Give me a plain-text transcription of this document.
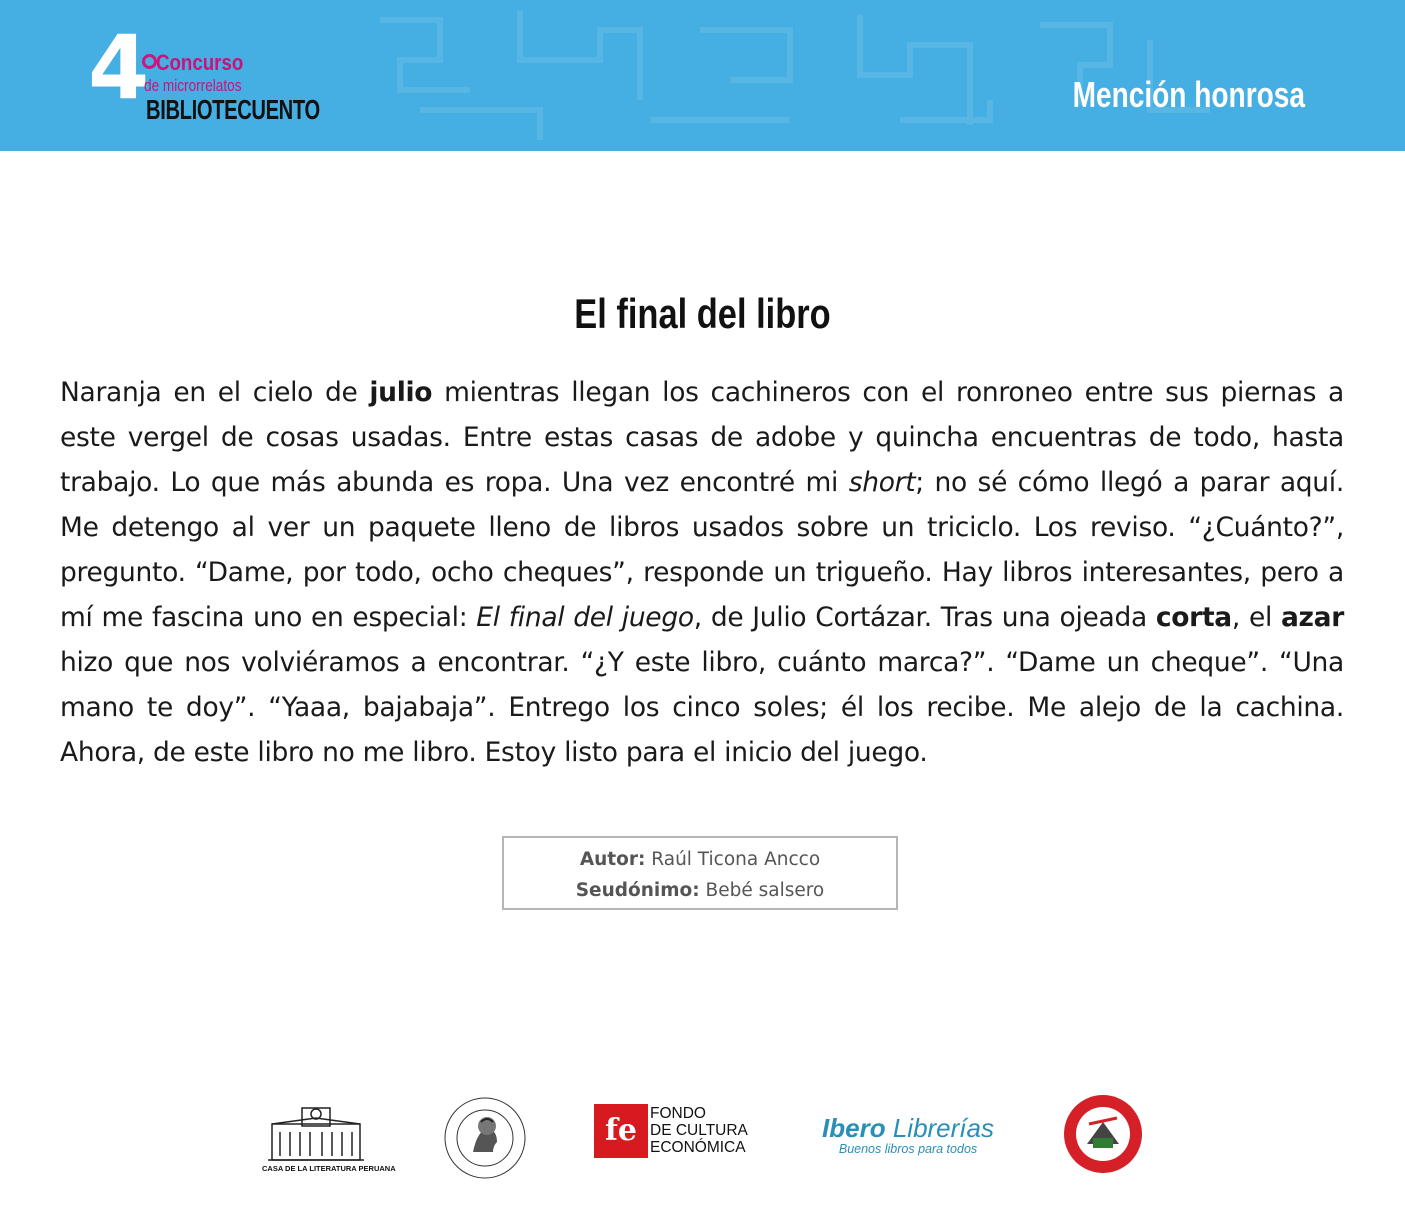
4 Concurso
de microrrelatos
BIBLIOTECUENTO	Mención honrosa
El final del libro
Naranja en el cielo de julio mientras llegan los cachineros con el ronroneo entre sus piernas a este vergel de cosas usadas. Entre estas casas de adobe y quincha encuentras de todo, hasta trabajo. Lo que más abunda es ropa. Una vez encontré mi short; no sé cómo llegó a parar aquí. Me detengo al ver un paquete lleno de libros usados sobre un triciclo. Los reviso. “¿Cuánto?”, pregunto. “Dame, por todo, ocho cheques”, responde un trigueño. Hay libros interesantes, pero a mí me fascina uno en especial: El final del juego, de Julio Cortázar. Tras una ojeada corta, el azar hizo que nos volviéramos a encontrar. “¿Y este libro, cuánto marca?”. “Dame un cheque”. “Una mano te doy”. “Yaaa, bajabaja”. Entrego los cinco soles; él los recibe. Me alejo de la cachina. Ahora, de este libro no me libro. Estoy listo para el inicio del juego.
Autor: Raúl Ticona Ancco
Seudónimo: Bebé salsero
CASA DE LA LITERATURA PERUANA
fe FONDO
DE CULTURA
ECONÓMICA
Ibero Librerías
Buenos libros para todos
